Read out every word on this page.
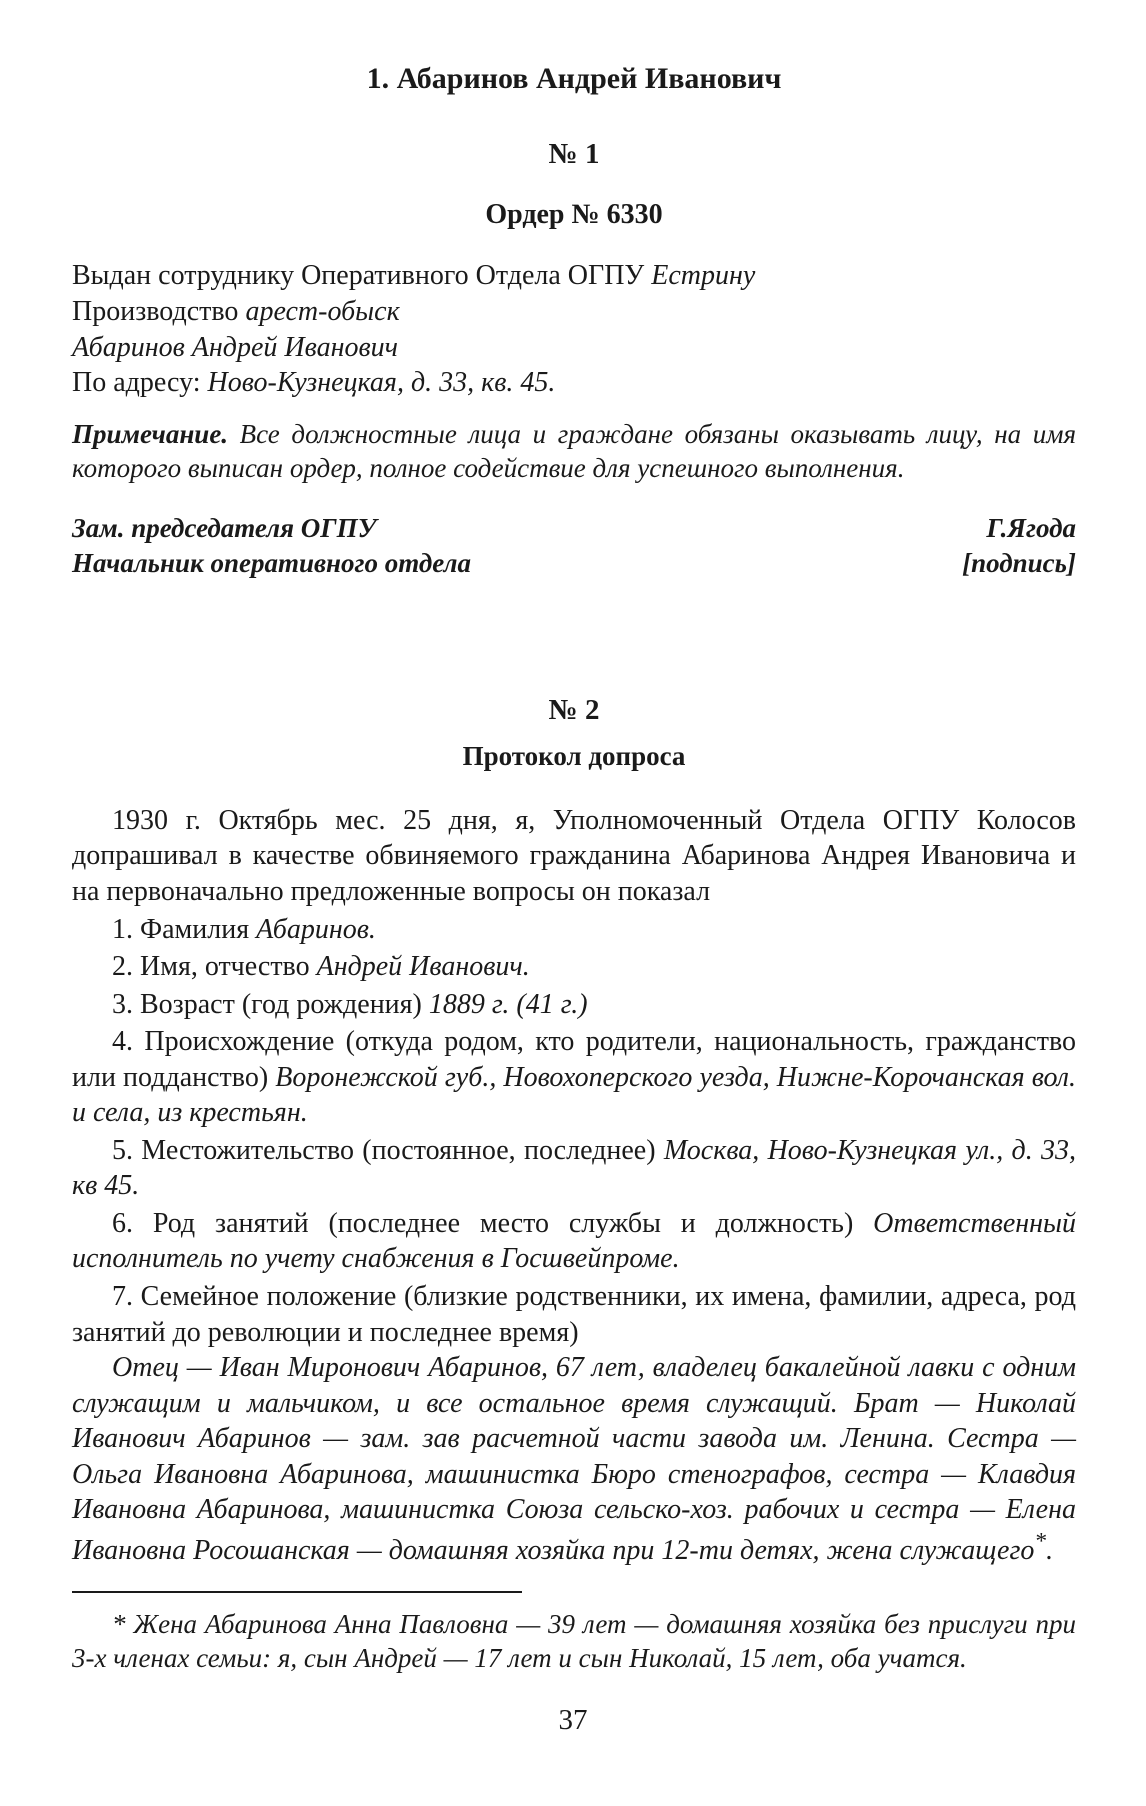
1. Абаринов Андрей Иванович
№ 1
Ордер № 6330

Выдан сотруднику Оперативного Отдела ОГПУ Естрину

Производство арест-обыск

Абаринов Андрей Иванович

По адресу: Ново-Кузнецкая, д. 33, кв. 45.

Примечание. Все должностные лица и граждане обязаны оказывать лицу, на имя которого выписан ордер, полное содействие для успешного выполнения.

Зам. председателя ОГПУ	Г.Ягода
Начальник оперативного отдела	[подпись]
№ 2
Протокол допроса

1930 г. Октябрь мес. 25 дня, я, Уполномоченный Отдела ОГПУ Колосов допрашивал в качестве обвиняемого гражданина Абаринова Андрея Ивановича и на первоначально предложенные вопросы он показал

1. Фамилия Абаринов.

2. Имя, отчество Андрей Иванович.

3. Возраст (год рождения) 1889 г. (41 г.)

4. Происхождение (откуда родом, кто родители, национальность, гражданство или подданство) Воронежской губ., Новохоперского уезда, Нижне-Корочанская вол. и села, из крестьян.

5. Местожительство (постоянное, последнее) Москва, Ново-Кузнецкая ул., д. 33, кв 45.

6. Род занятий (последнее место службы и должность) Ответственный исполнитель по учету снабжения в Госшвейпроме.

7. Семейное положение (близкие родственники, их имена, фамилии, адреса, род занятий до революции и последнее время)

Отец — Иван Миронович Абаринов, 67 лет, владелец бакалейной лавки с одним служащим и мальчиком, и все остальное время служащий. Брат — Николай Иванович Абаринов — зам. зав расчетной части завода им. Ленина. Сестра — Ольга Ивановна Абаринова, машинистка Бюро стенографов, сестра — Клавдия Ивановна Абаринова, машинистка Союза сельско-хоз. рабочих и сестра — Елена Ивановна Росошанская — домашняя хозяйка при 12-ти детях, жена служащего*.

* Жена Абаринова Анна Павловна — 39 лет — домашняя хозяйка без прислуги при 3-х членах семьи: я, сын Андрей — 17 лет и сын Николай, 15 лет, оба учатся.

37
